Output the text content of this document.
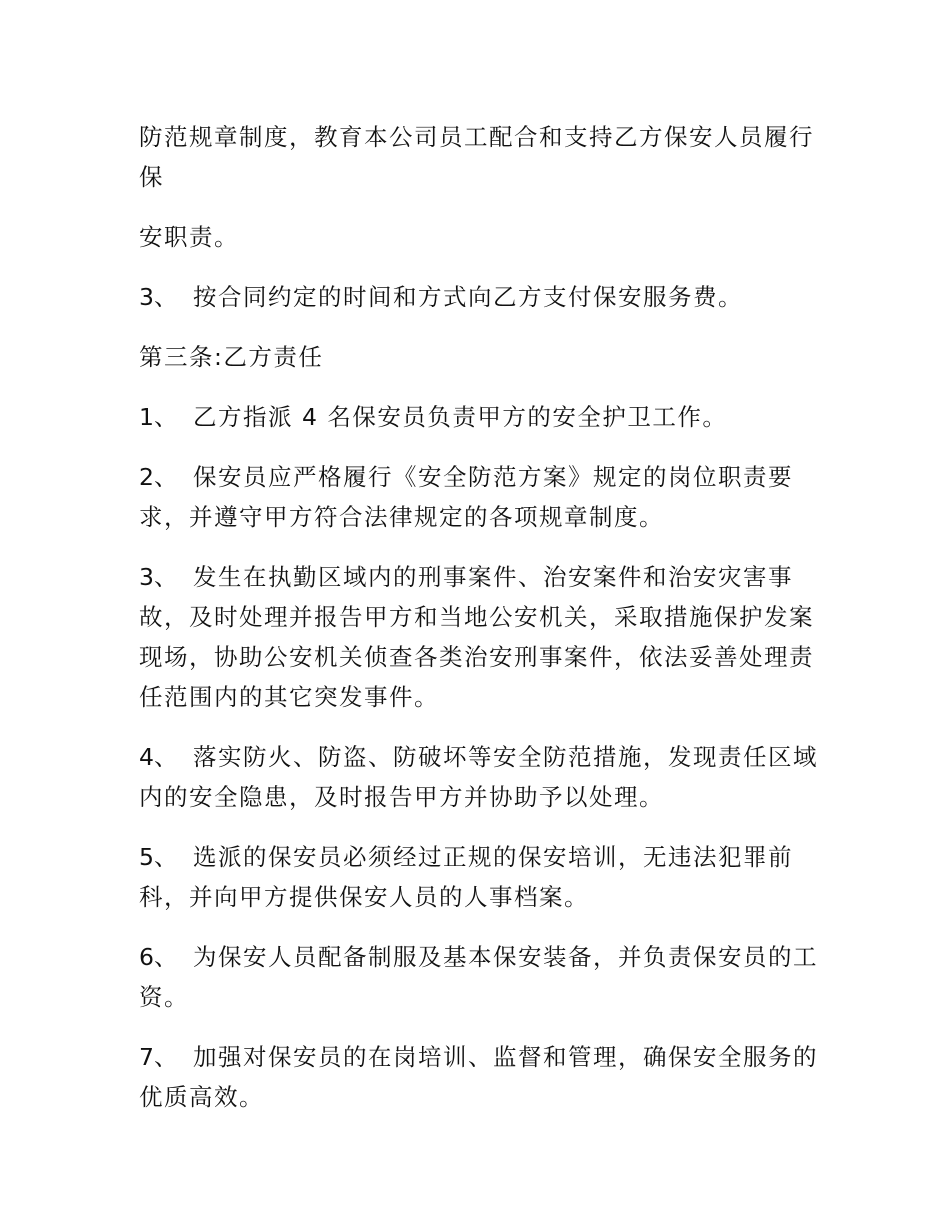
防范规章制度，教育本公司员工配合和支持乙方保安人员履行保

安职责。

3、 按合同约定的时间和方式向乙方支付保安服务费。

第三条:乙方责任

1、 乙方指派 4 名保安员负责甲方的安全护卫工作。

2、 保安员应严格履行《安全防范方案》规定的岗位职责要求，并遵守甲方符合法律规定的各项规章制度。

3、 发生在执勤区域内的刑事案件、治安案件和治安灾害事故，及时处理并报告甲方和当地公安机关，采取措施保护发案现场，协助公安机关侦查各类治安刑事案件，依法妥善处理责任范围内的其它突发事件。

4、 落实防火、防盗、防破坏等安全防范措施，发现责任区域内的安全隐患，及时报告甲方并协助予以处理。

5、 选派的保安员必须经过正规的保安培训，无违法犯罪前科，并向甲方提供保安人员的人事档案。

6、 为保安人员配备制服及基本保安装备，并负责保安员的工资。

7、 加强对保安员的在岗培训、监督和管理，确保安全服务的优质高效。
